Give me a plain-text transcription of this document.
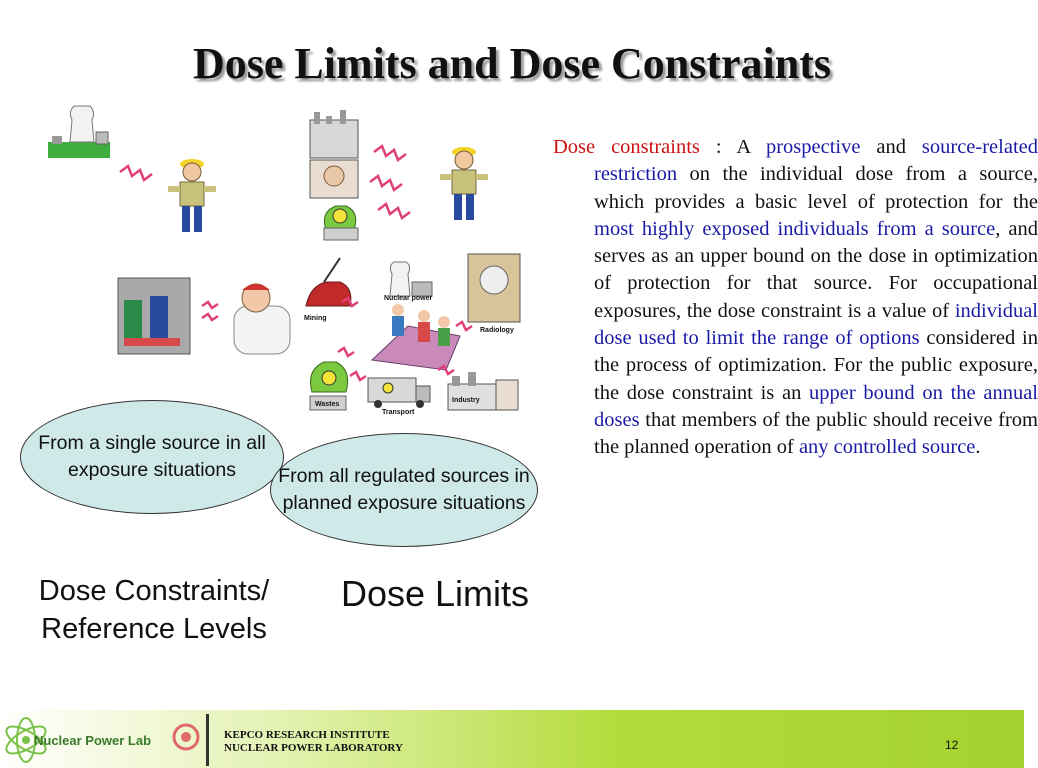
Dose Limits and Dose Constraints
Mining
Nuclear power
Radiology
Wastes
Transport
Industry
Dose constraints : A prospective and source-related restriction on the individual dose from a source, which provides a basic level of protection for the most highly exposed individuals from a source, and serves as an upper bound on the dose in optimization of protection for that source. For occupational exposures, the dose constraint is a value of individual dose used to limit the range of options considered in the process of optimization. For the public exposure, the dose constraint is an upper bound on the annual doses that members of the public should receive from the planned operation of any controlled source.
From a single source in all exposure situations	From all regulated sources in planned exposure situations
Dose Constraints/
Reference Levels
Dose Limits
Nuclear Power Lab	KEPCO RESEARCH INSTITUTE
NUCLEAR POWER LABORATORY	12
